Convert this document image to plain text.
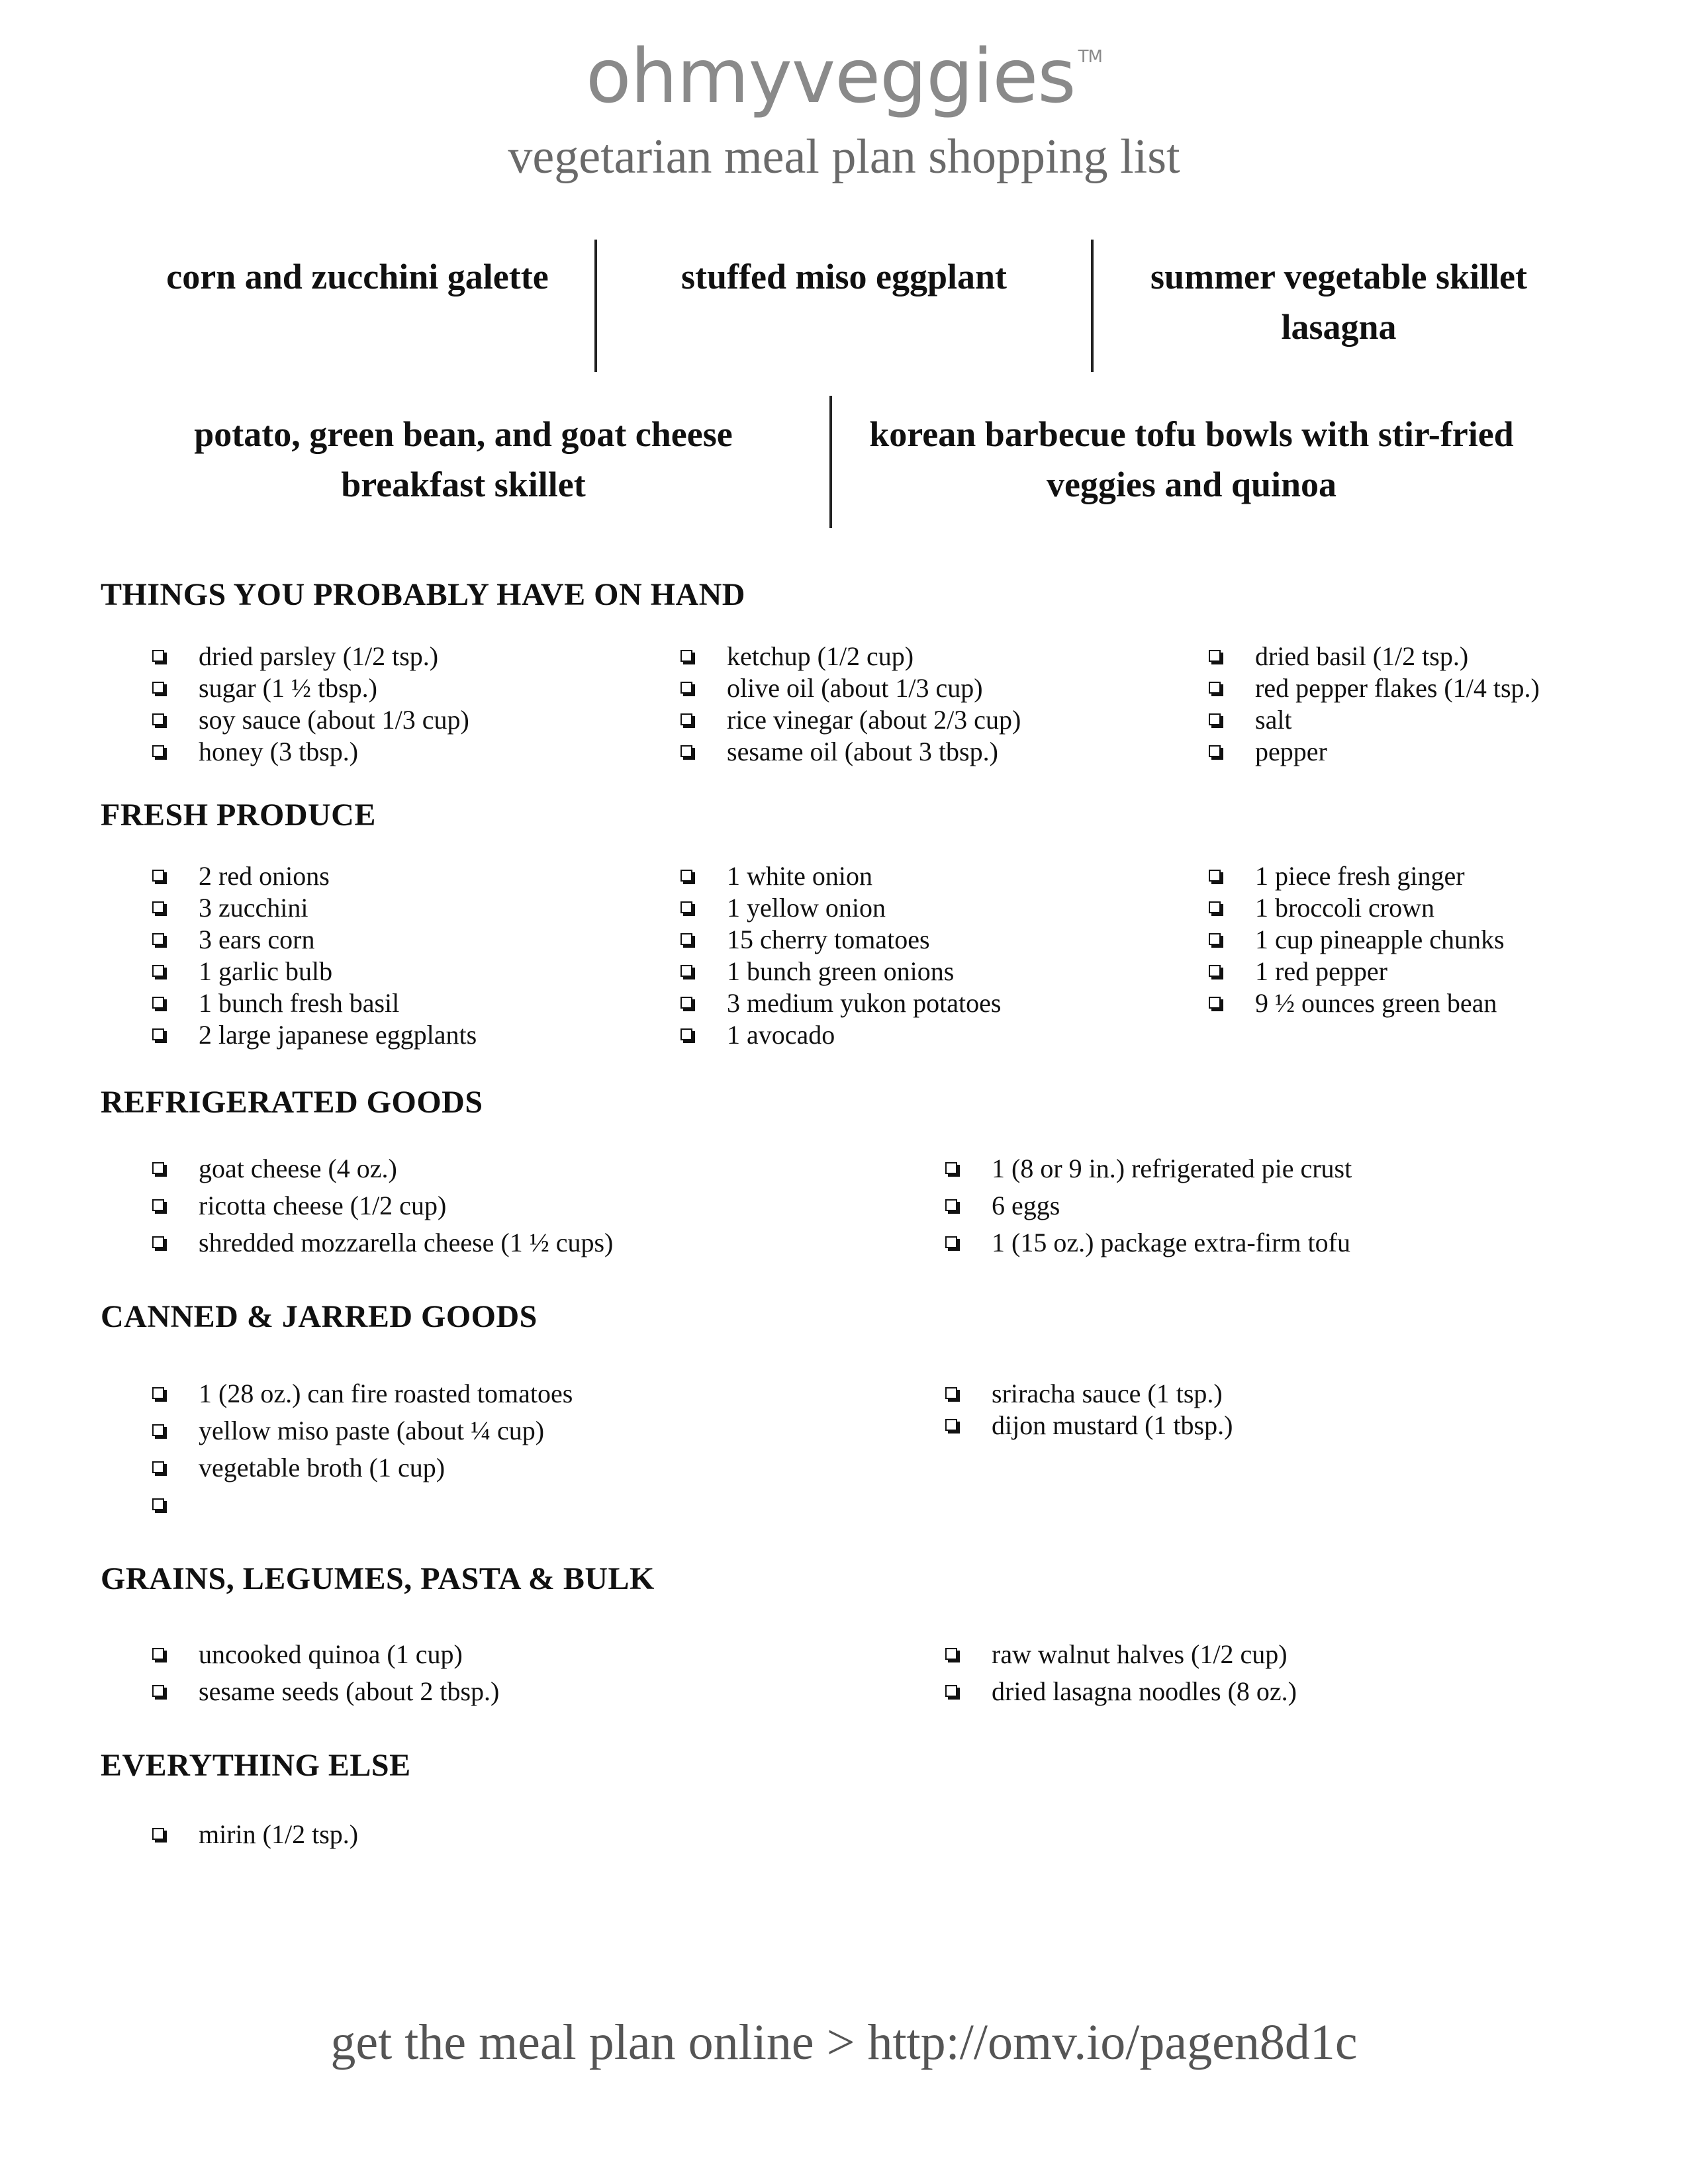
ohmyveggies ™
vegetarian meal plan shopping list
corn and zucchini galette	stuffed miso eggplant	summer vegetable skillet lasagna
potato, green bean, and goat cheese breakfast skillet
korean barbecue tofu bowls with stir-fried veggies and quinoa
THINGS YOU PROBABLY HAVE ON HAND
dried parsley (1/2 tsp.)
sugar (1 ½ tbsp.)
soy sauce (about 1/3 cup)
honey (3 tbsp.)
ketchup (1/2 cup)
olive oil (about 1/3 cup)
rice vinegar (about 2/3 cup)
sesame oil (about 3 tbsp.)
dried basil (1/2 tsp.)
red pepper flakes (1/4 tsp.)
salt
pepper
FRESH PRODUCE
2 red onions
3 zucchini
3 ears corn
1 garlic bulb
1 bunch fresh basil
2 large japanese eggplants
1 white onion
1 yellow onion
15 cherry tomatoes
1 bunch green onions
3 medium yukon potatoes
1 avocado
1 piece fresh ginger
1 broccoli crown
1 cup pineapple chunks
1 red pepper
9 ½ ounces green bean
REFRIGERATED GOODS
goat cheese (4 oz.)
ricotta cheese (1/2 cup)
shredded mozzarella cheese (1 ½ cups)
1 (8 or 9 in.) refrigerated pie crust
6 eggs
1 (15 oz.) package extra-firm tofu
CANNED & JARRED GOODS
1 (28 oz.) can fire roasted tomatoes
yellow miso paste (about ¼ cup)
vegetable broth (1 cup)
sriracha sauce (1 tsp.)
dijon mustard (1 tbsp.)
GRAINS, LEGUMES, PASTA & BULK
uncooked quinoa (1 cup)
sesame seeds (about 2 tbsp.)
raw walnut halves (1/2 cup)
dried lasagna noodles (8 oz.)
EVERYTHING ELSE
mirin (1/2 tsp.)
get the meal plan online > http://omv.io/pagen8d1c
